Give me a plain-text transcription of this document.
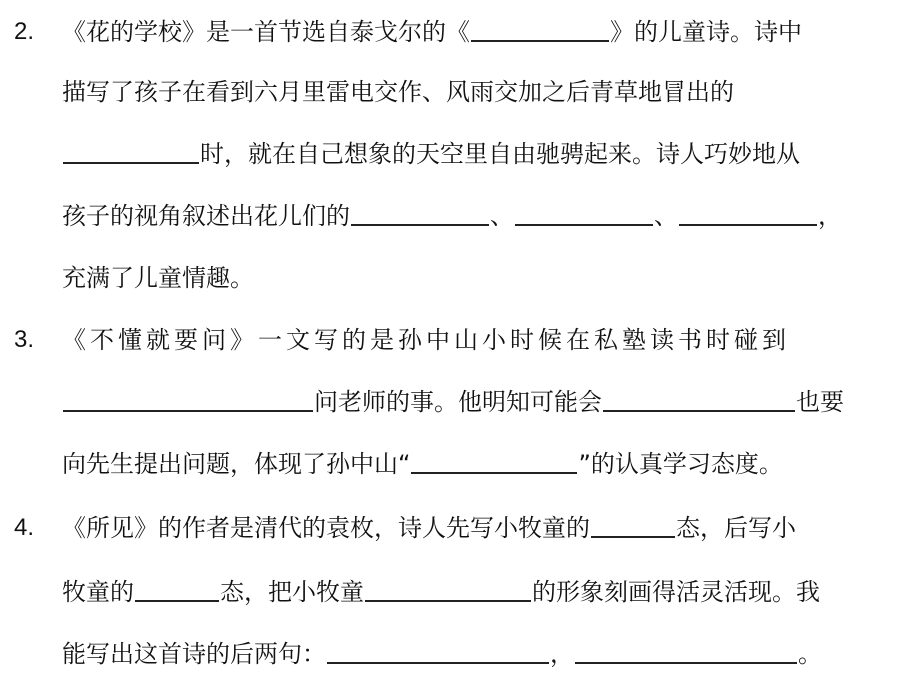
2. 《花的学校》是一首节选自泰戈尔的《	》的儿童诗。诗中
描写了孩子在看到六月里雷电交作、风雨交加之后青草地冒出的
时，就在自己想象的天空里自由驰骋起来。诗人巧妙地从
孩子的视角叙述出花儿们的	、	、	，
充满了儿童情趣。
3. 《不懂就要问》一文写的是孙中山小时候在私塾读书时碰到
问老师的事。他明知可能会	也要
向先生提出问题，体现了孙中山“	”的认真学习态度。
4. 《所见》的作者是清代的袁枚，诗人先写小牧童的	态，后写小
牧童的	态，把小牧童	的形象刻画得活灵活现。我
能写出这首诗的后两句：	，	。
